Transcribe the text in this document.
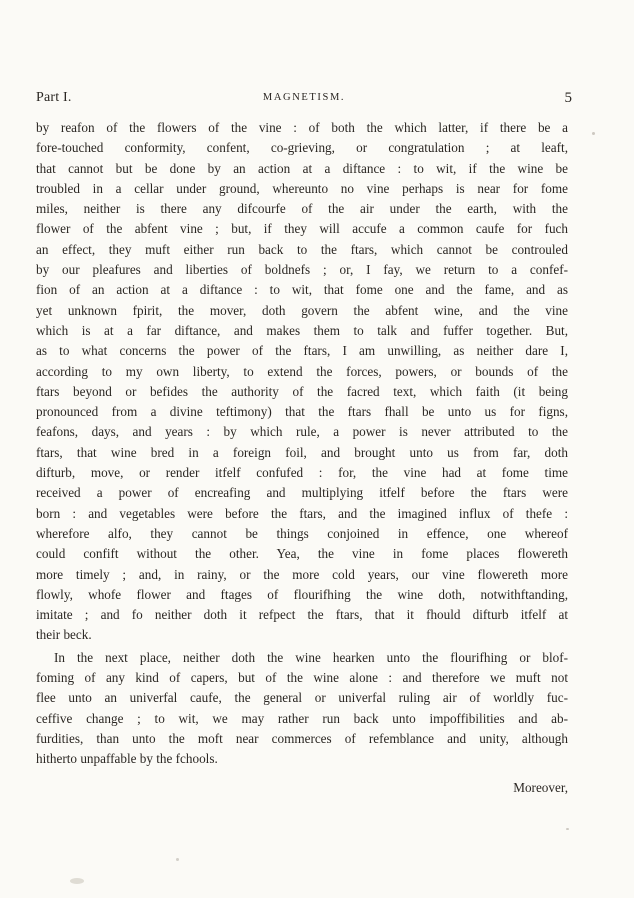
Part I.	MAGNETISM.	5
by reafon of the flowers of the vine : of both the which latter, if there be a
fore-touched conformity, confent, co-grieving, or congratulation ; at leaft,
that cannot but be done by an action at a diftance : to wit, if the wine be
troubled in a cellar under ground, whereunto no vine perhaps is near for fome
miles, neither is there any difcourfe of the air under the earth, with the
flower of the abfent vine ; but, if they will accufe a common caufe for fuch
an effect, they muft either run back to the ftars, which cannot be controuled
by our pleafures and liberties of boldnefs ; or, I fay, we return to a confef-
fion of an action at a diftance : to wit, that fome one and the fame, and as
yet unknown fpirit, the mover, doth govern the abfent wine, and the vine
which is at a far diftance, and makes them to talk and fuffer together. But,
as to what concerns the power of the ftars, I am unwilling, as neither dare I,
according to my own liberty, to extend the forces, powers, or bounds of the
ftars beyond or befides the authority of the facred text, which faith (it being
pronounced from a divine teftimony) that the ftars fhall be unto us for figns,
feafons, days, and years : by which rule, a power is never attributed to the
ftars, that wine bred in a foreign foil, and brought unto us from far, doth
difturb, move, or render itfelf confufed : for, the vine had at fome time
received a power of encreafing and multiplying itfelf before the ftars were
born : and vegetables were before the ftars, and the imagined influx of thefe :
wherefore alfo, they cannot be things conjoined in effence, one whereof
could confift without the other. Yea, the vine in fome places flowereth
more timely ; and, in rainy, or the more cold years, our vine flowereth more
flowly, whofe flower and ftages of flourifhing the wine doth, notwithftanding,
imitate ; and fo neither doth it refpect the ftars, that it fhould difturb itfelf at
their beck.
In the next place, neither doth the wine hearken unto the flourifhing or blof-
foming of any kind of capers, but of the wine alone : and therefore we muft not
flee unto an univerfal caufe, the general or univerfal ruling air of worldly fuc-
ceffive change ; to wit, we may rather run back unto impoffibilities and ab-
furdities, than unto the moft near commerces of refemblance and unity, although
hitherto unpaffable by the fchools.
Moreover,
